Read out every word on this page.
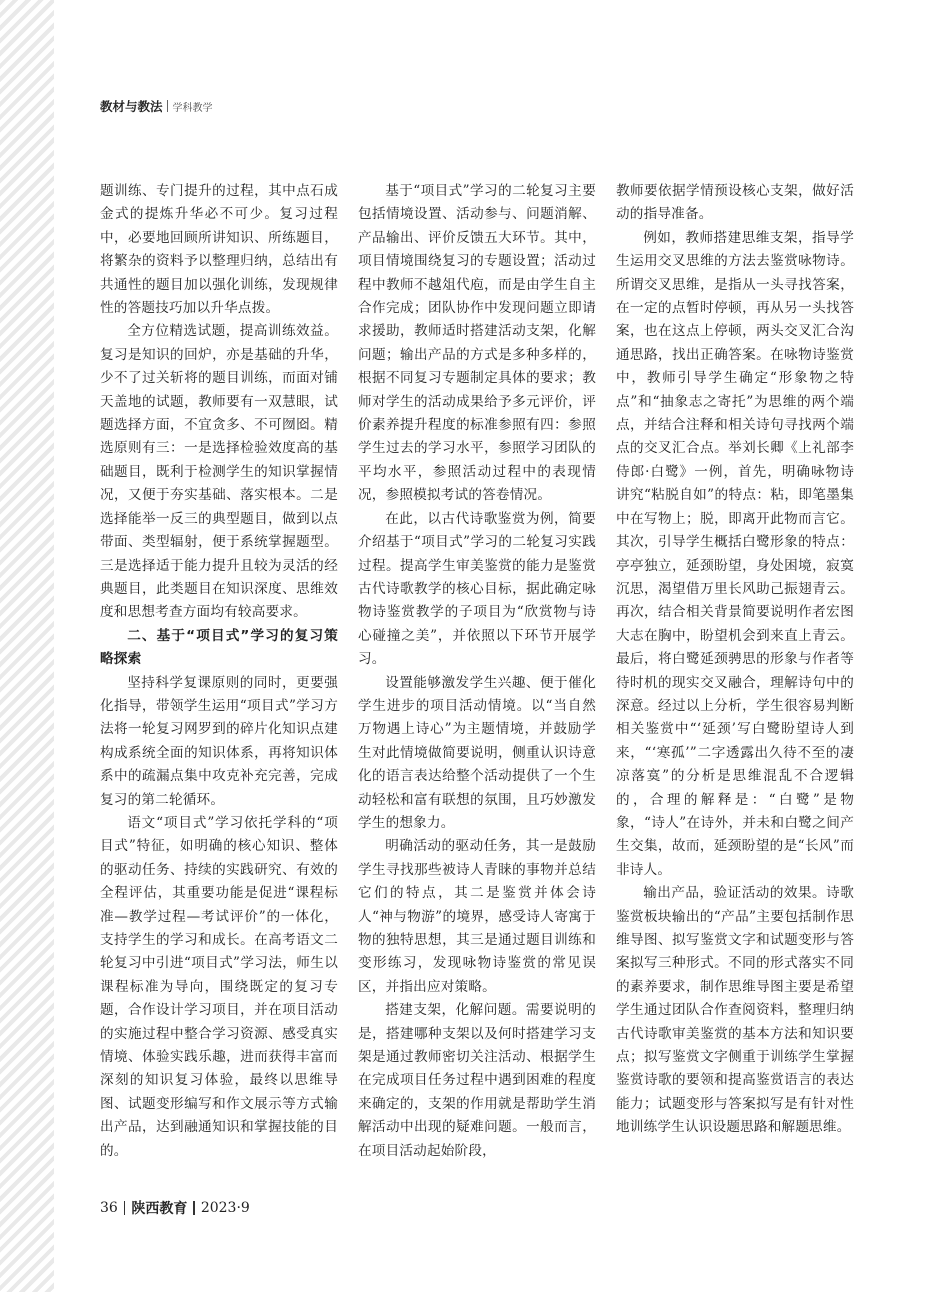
教材与教法 学科教学

题训练、专门提升的过程，其中点石成金式的提炼升华必不可少。复习过程中，必要地回顾所讲知识、所练题目，将繁杂的资料予以整理归纳，总结出有共通性的题目加以强化训练，发现规律性的答题技巧加以升华点拨。

全方位精选试题，提高训练效益。复习是知识的回炉，亦是基础的升华，少不了过关斩将的题目训练，而面对铺天盖地的试题，教师要有一双慧眼，试题选择方面，不宜贪多、不可囫囵。精选原则有三：一是选择检验效度高的基础题目，既利于检测学生的知识掌握情况，又便于夯实基础、落实根本。二是选择能举一反三的典型题目，做到以点带面、类型辐射，便于系统掌握题型。三是选择适于能力提升且较为灵活的经典题目，此类题目在知识深度、思维效度和思想考查方面均有较高要求。

二、基于“项目式”学习的复习策略探索

坚持科学复课原则的同时，更要强化指导，带领学生运用“项目式”学习方法将一轮复习网罗到的碎片化知识点建构成系统全面的知识体系，再将知识体系中的疏漏点集中攻克补充完善，完成复习的第二轮循环。

语文“项目式”学习依托学科的“项目式”特征，如明确的核心知识、整体的驱动任务、持续的实践研究、有效的全程评估，其重要功能是促进“课程标准—教学过程—考试评价”的一体化，支持学生的学习和成长。在高考语文二轮复习中引进“项目式”学习法，师生以课程标准为导向，围绕既定的复习专题，合作设计学习项目，并在项目活动的实施过程中整合学习资源、感受真实情境、体验实践乐趣，进而获得丰富而深刻的知识复习体验，最终以思维导图、试题变形编写和作文展示等方式输出产品，达到融通知识和掌握技能的目的。

基于“项目式”学习的二轮复习主要包括情境设置、活动参与、问题消解、产品输出、评价反馈五大环节。其中，项目情境围绕复习的专题设置；活动过程中教师不越俎代庖，而是由学生自主合作完成；团队协作中发现问题立即请求援助，教师适时搭建活动支架，化解问题；输出产品的方式是多种多样的，根据不同复习专题制定具体的要求；教师对学生的活动成果给予多元评价，评价素养提升程度的标准参照有四：参照学生过去的学习水平，参照学习团队的平均水平，参照活动过程中的表现情况，参照模拟考试的答卷情况。

在此，以古代诗歌鉴赏为例，简要介绍基于“项目式”学习的二轮复习实践过程。提高学生审美鉴赏的能力是鉴赏古代诗歌教学的核心目标，据此确定咏物诗鉴赏教学的子项目为“欣赏物与诗心碰撞之美”，并依照以下环节开展学习。

设置能够激发学生兴趣、便于催化学生进步的项目活动情境。以“当自然万物遇上诗心”为主题情境，并鼓励学生对此情境做简要说明，侧重认识诗意化的语言表达给整个活动提供了一个生动轻松和富有联想的氛围，且巧妙激发学生的想象力。

明确活动的驱动任务，其一是鼓励学生寻找那些被诗人青睐的事物并总结它们的特点，其二是鉴赏并体会诗人“神与物游”的境界，感受诗人寄寓于物的独特思想，其三是通过题目训练和变形练习，发现咏物诗鉴赏的常见误区，并指出应对策略。

搭建支架，化解问题。需要说明的是，搭建哪种支架以及何时搭建学习支架是通过教师密切关注活动、根据学生在完成项目任务过程中遇到困难的程度来确定的，支架的作用就是帮助学生消解活动中出现的疑难问题。一般而言，在项目活动起始阶段，

教师要依据学情预设核心支架，做好活动的指导准备。

例如，教师搭建思维支架，指导学生运用交叉思维的方法去鉴赏咏物诗。所谓交叉思维，是指从一头寻找答案，在一定的点暂时停顿，再从另一头找答案，也在这点上停顿，两头交叉汇合沟通思路，找出正确答案。在咏物诗鉴赏中，教师引导学生确定“形象物之特点”和“抽象志之寄托”为思维的两个端点，并结合注释和相关诗句寻找两个端点的交叉汇合点。举刘长卿《上礼部李侍郎·白鹭》一例，首先，明确咏物诗讲究“粘脱自如”的特点：粘，即笔墨集中在写物上；脱，即离开此物而言它。其次，引导学生概括白鹭形象的特点：亭亭独立，延颈盼望，身处困境，寂寞沉思，渴望借万里长风助己振翅青云。再次，结合相关背景简要说明作者宏图大志在胸中，盼望机会到来直上青云。最后，将白鹭延颈骋思的形象与作者等待时机的现实交叉融合，理解诗句中的深意。经过以上分析，学生很容易判断相关鉴赏中“‘延颈’写白鹭盼望诗人到来，“‘寒孤’”二字透露出久待不至的凄凉落寞”的分析是思维混乱不合逻辑的，合理的解释是：“白鹭”是物象，“诗人”在诗外，并未和白鹭之间产生交集，故而，延颈盼望的是“长风”而非诗人。

输出产品，验证活动的效果。诗歌鉴赏板块输出的“产品”主要包括制作思维导图、拟写鉴赏文字和试题变形与答案拟写三种形式。不同的形式落实不同的素养要求，制作思维导图主要是希望学生通过团队合作查阅资料，整理归纳古代诗歌审美鉴赏的基本方法和知识要点；拟写鉴赏文字侧重于训练学生掌握鉴赏诗歌的要领和提高鉴赏语言的表达能力；试题变形与答案拟写是有针对性地训练学生认识设题思路和解题思维。

36 陕西教育 2023·9
